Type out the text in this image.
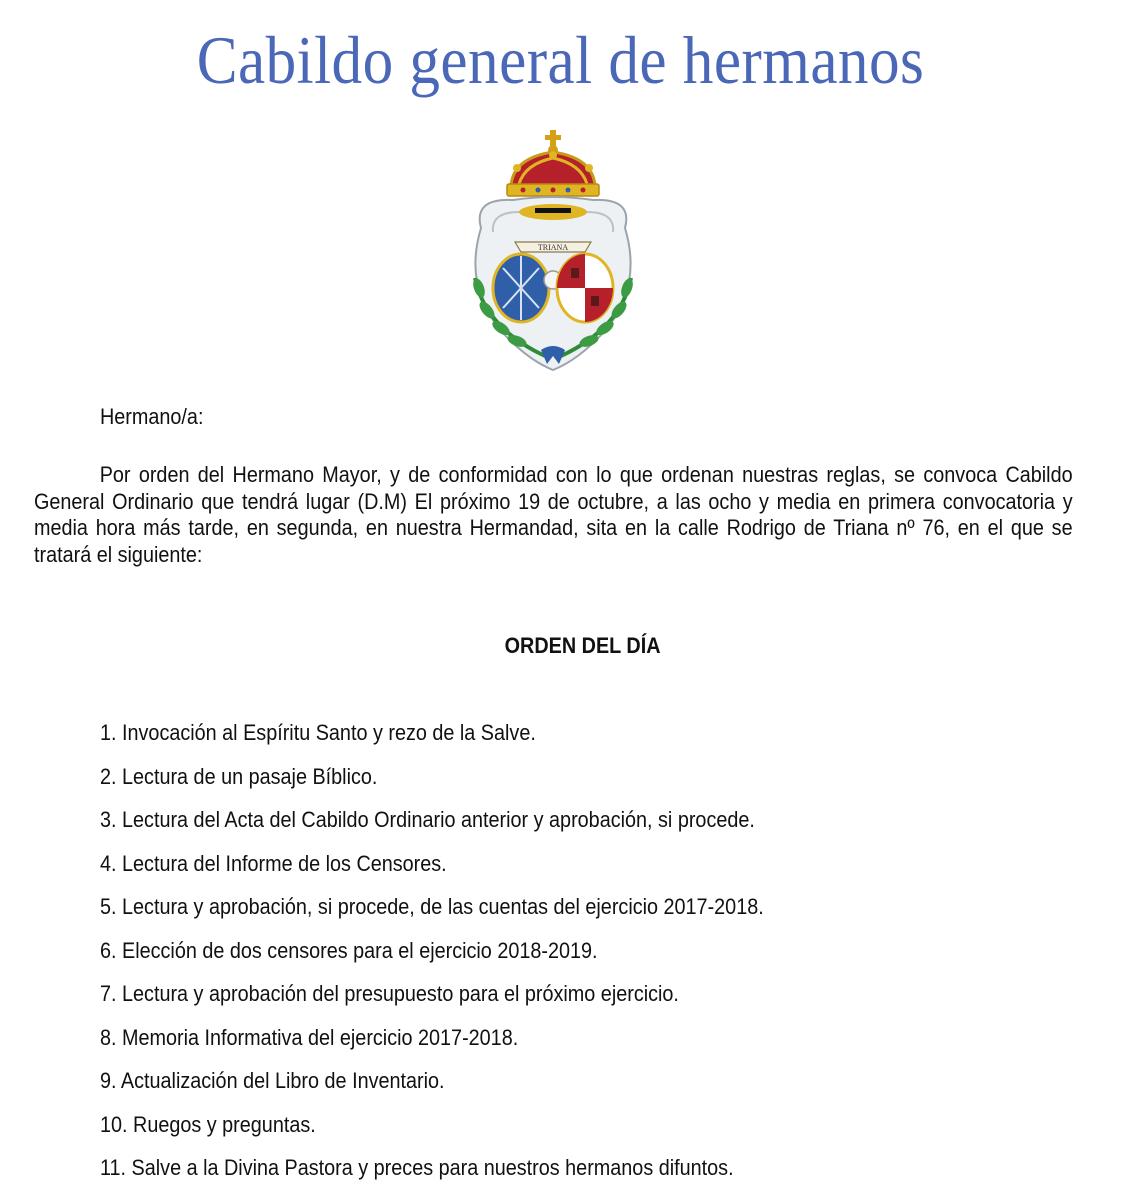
Cabildo general de hermanos
TRIANA
Hermano/a:

Por orden del Hermano Mayor, y de conformidad con lo que ordenan nuestras reglas, se convoca Cabildo General Ordinario que tendrá lugar (D.M) El próximo 19 de octubre, a las ocho y media en primera convocatoria y media hora más tarde, en segunda, en nuestra Hermandad, sita en la calle Rodrigo de Triana nº 76, en el que se tratará el siguiente:

ORDEN DEL DÍA
1. Invocación al Espíritu Santo y rezo de la Salve.
2. Lectura de un pasaje Bíblico.
3. Lectura del Acta del Cabildo Ordinario anterior y aprobación, si procede.
4. Lectura del Informe de los Censores.
5. Lectura y aprobación, si procede, de las cuentas del ejercicio 2017-2018.
6. Elección de dos censores para el ejercicio 2018-2019.
7. Lectura y aprobación del presupuesto para el próximo ejercicio.
8. Memoria Informativa del ejercicio 2017-2018.
9. Actualización del Libro de Inventario.
10. Ruegos y preguntas.
11. Salve a la Divina Pastora y preces para nuestros hermanos difuntos.
